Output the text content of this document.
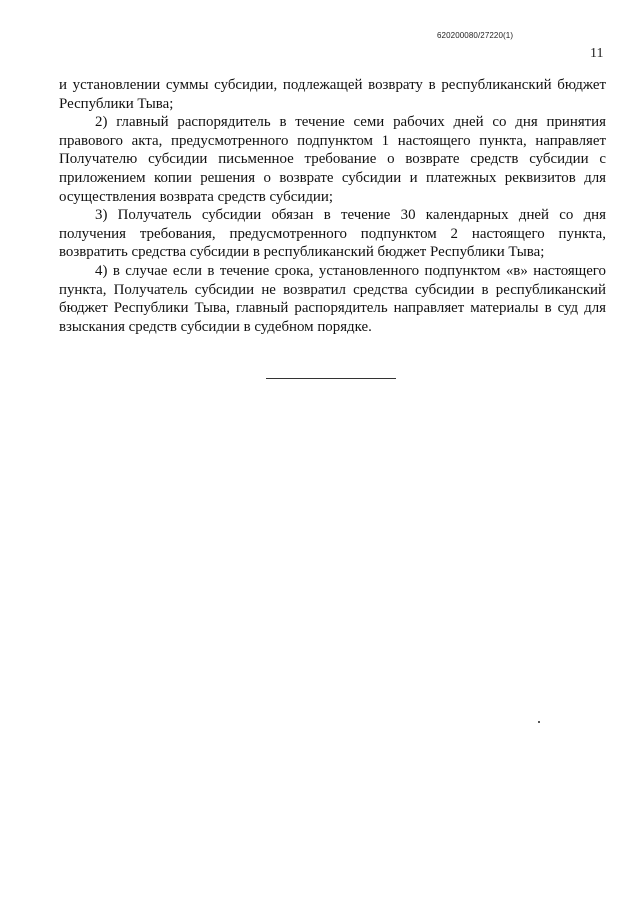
620200080/27220(1)
11

и установлении суммы субсидии, подлежащей возврату в республиканский бюджет Республики Тыва;

2) главный распорядитель в течение семи рабочих дней со дня принятия правового акта, предусмотренного подпунктом 1 настоящего пункта, направляет Получателю субсидии письменное требование о возврате средств субсидии с приложением копии решения о возврате субсидии и платежных реквизитов для осуществления возврата средств субсидии;

3) Получатель субсидии обязан в течение 30 календарных дней со дня получения требования, предусмотренного подпунктом 2 настоящего пункта, возвратить средства субсидии в республиканский бюджет Республики Тыва;

4) в случае если в течение срока, установленного подпунктом «в» настоящего пункта, Получатель субсидии не возвратил средства субсидии в республиканский бюджет Республики Тыва, главный распорядитель направляет материалы в суд для взыскания средств субсидии в судебном порядке.
